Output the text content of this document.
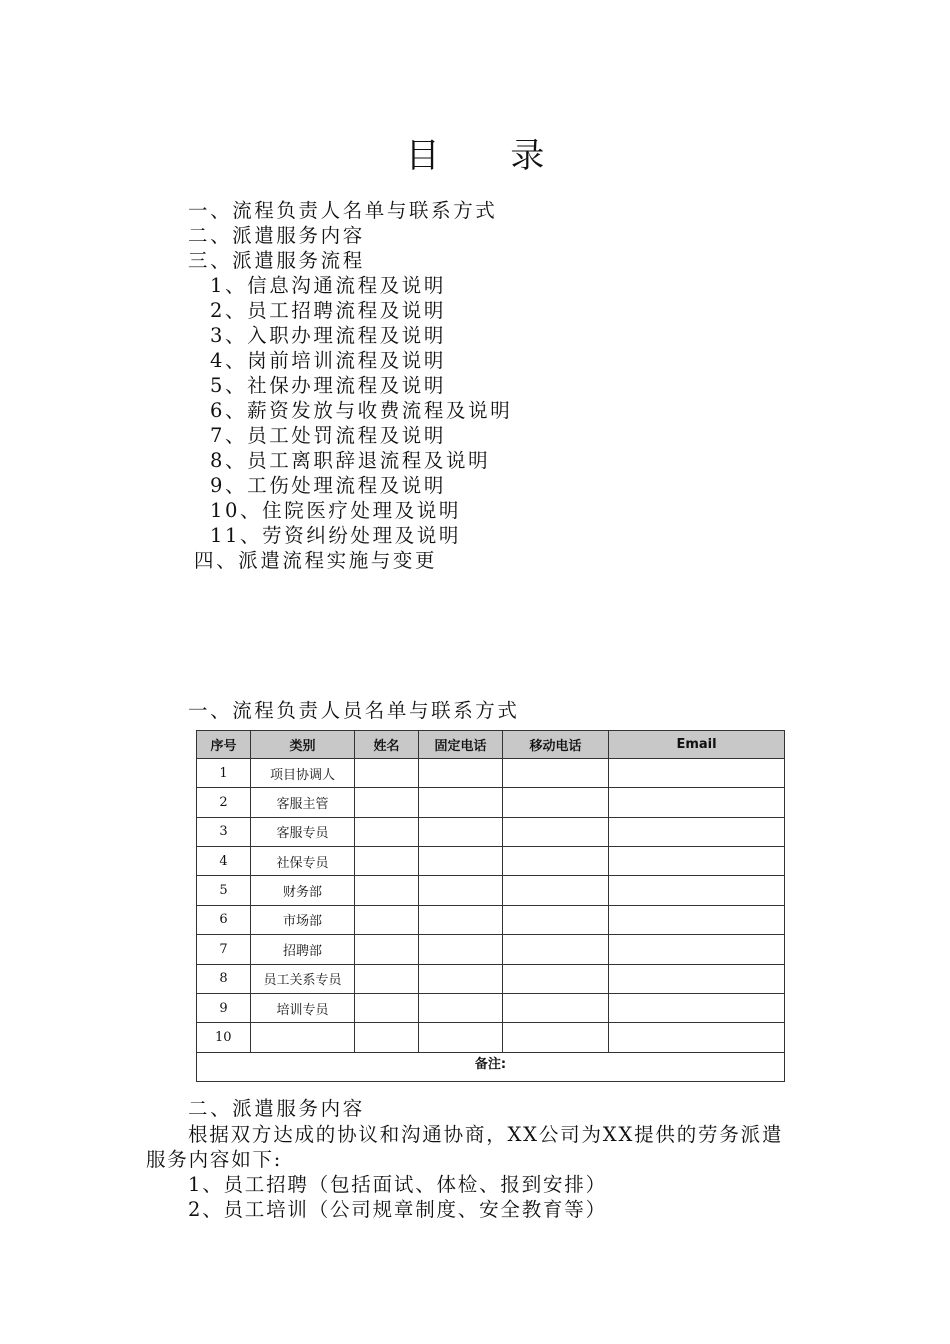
目 录
一、流程负责人名单与联系方式
二、派遣服务内容
三、派遣服务流程
1、信息沟通流程及说明
2、员工招聘流程及说明
3、入职办理流程及说明
4、岗前培训流程及说明
5、社保办理流程及说明
6、薪资发放与收费流程及说明
7、员工处罚流程及说明
8、员工离职辞退流程及说明
9、工伤处理流程及说明
10、住院医疗处理及说明
11、劳资纠纷处理及说明
四、派遣流程实施与变更
一、流程负责人员名单与联系方式
序号	类别	姓名	固定电话	移动电话	Email
1	项目协调人				
2	客服主管				
3	客服专员				
4	社保专员				
5	财务部				
6	市场部				
7	招聘部				
8	员工关系专员				
9	培训专员				
10					
备注:					
二、派遣服务内容
根据双方达成的协议和沟通协商，XX公司为XX提供的劳务派遣
服务内容如下:
1、员工招聘（包括面试、体检、报到安排）
2、员工培训（公司规章制度、安全教育等）
